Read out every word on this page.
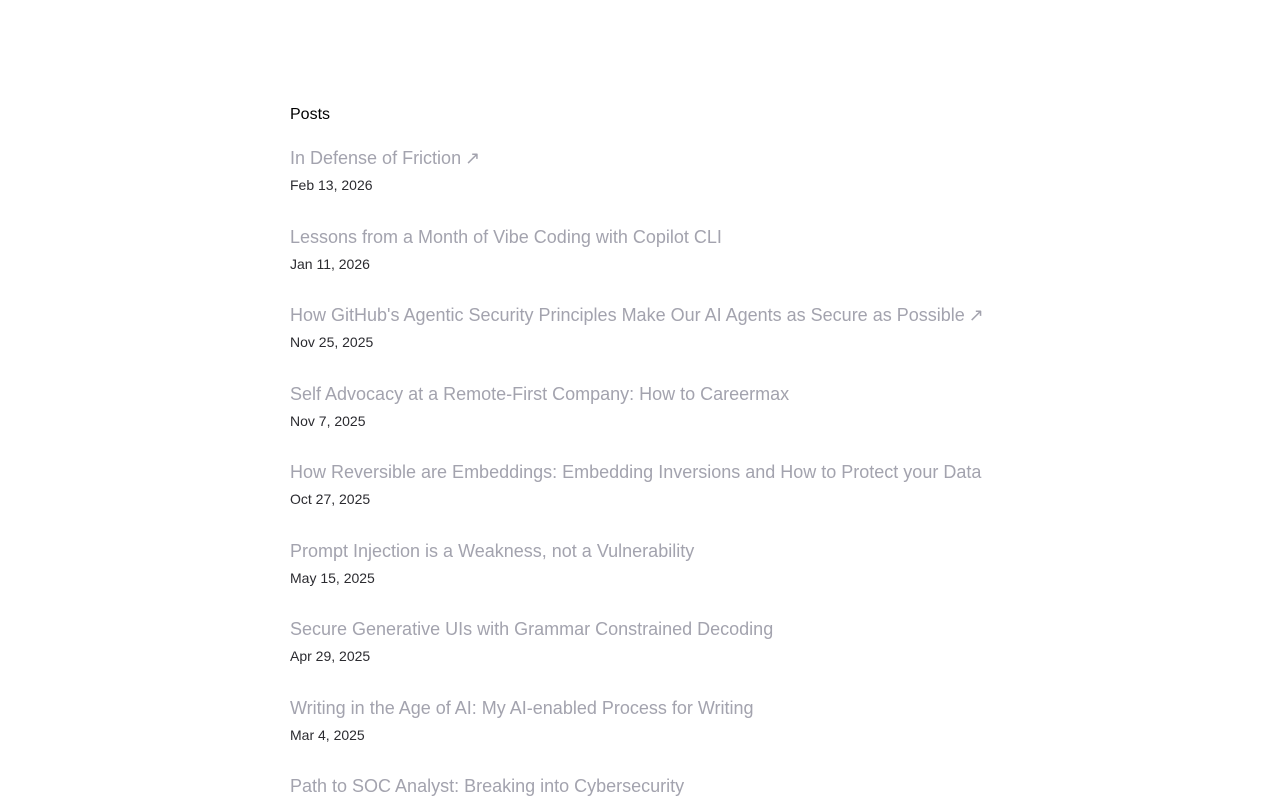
Posts
In Defense of Friction ↗
Feb 13, 2026
Lessons from a Month of Vibe Coding with Copilot CLI
Jan 11, 2026
How GitHub's Agentic Security Principles Make Our AI Agents as Secure as Possible ↗
Nov 25, 2025
Self Advocacy at a Remote-First Company: How to Careermax
Nov 7, 2025
How Reversible are Embeddings: Embedding Inversions and How to Protect your Data
Oct 27, 2025
Prompt Injection is a Weakness, not a Vulnerability
May 15, 2025
Secure Generative UIs with Grammar Constrained Decoding
Apr 29, 2025
Writing in the Age of AI: My AI-enabled Process for Writing
Mar 4, 2025
Path to SOC Analyst: Breaking into Cybersecurity
